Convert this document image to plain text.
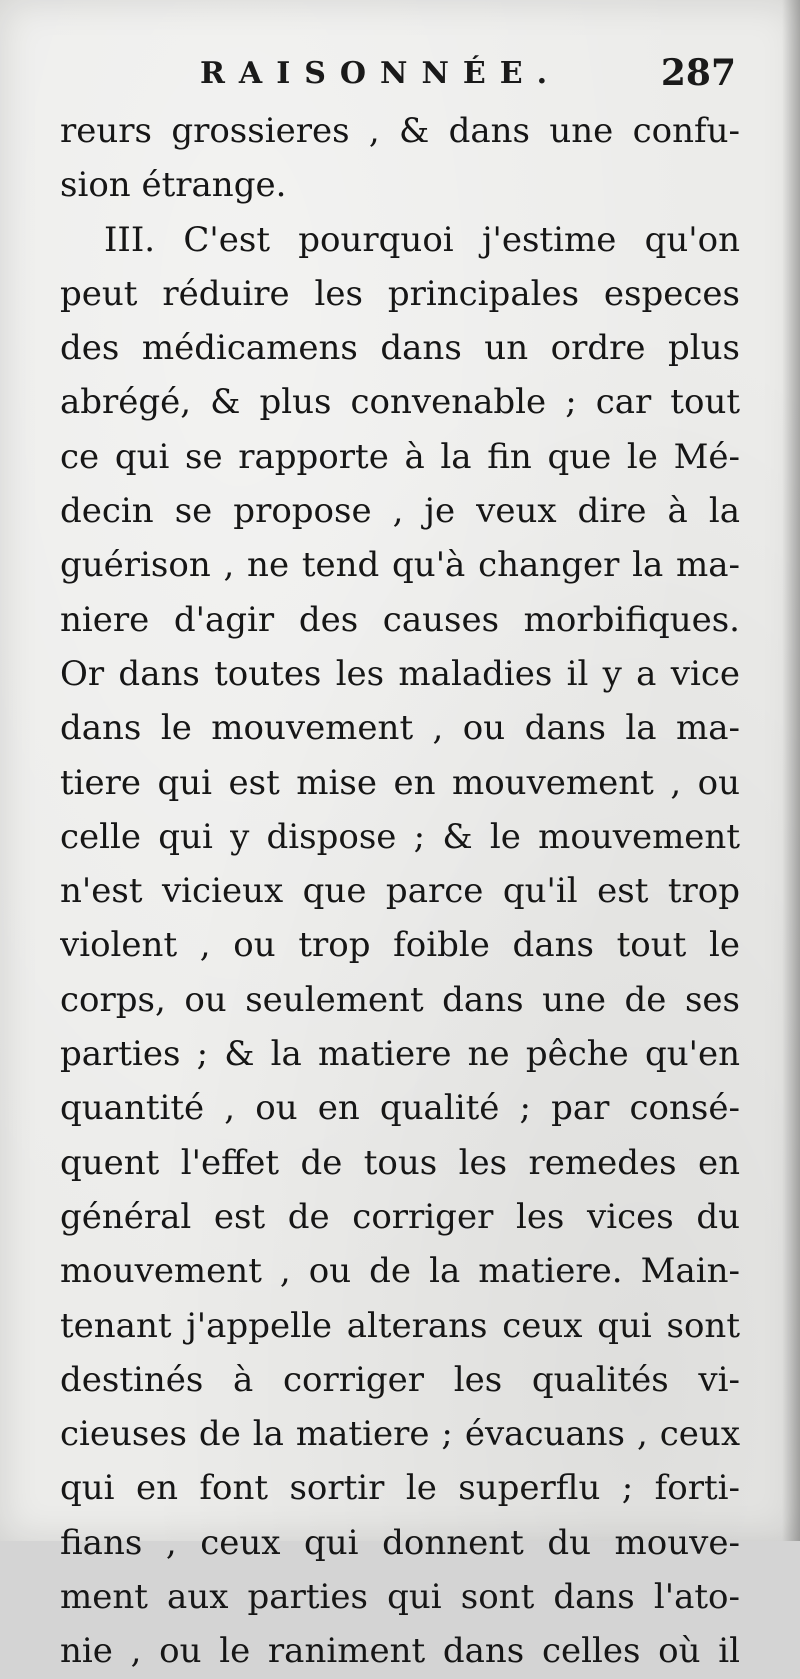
RAISONNÉE.	287
reurs grossieres , & dans une confu-
sion étrange.
III. C'est pourquoi j'estime qu'on
peut réduire les principales especes
des médicamens dans un ordre plus
abrégé, & plus convenable ; car tout
ce qui se rapporte à la fin que le Mé-
decin se propose , je veux dire à la
guérison , ne tend qu'à changer la ma-
niere d'agir des causes morbifiques.
Or dans toutes les maladies il y a vice
dans le mouvement , ou dans la ma-
tiere qui est mise en mouvement , ou
celle qui y dispose ; & le mouvement
n'est vicieux que parce qu'il est trop
violent , ou trop foible dans tout le
corps, ou seulement dans une de ses
parties ; & la matiere ne pêche qu'en
quantité , ou en qualité ; par consé-
quent l'effet de tous les remedes en
général est de corriger les vices du
mouvement , ou de la matiere. Main-
tenant j'appelle alterans ceux qui sont
destinés à corriger les qualités vi-
cieuses de la matiere ; évacuans , ceux
qui en font sortir le superflu ; forti-
fians , ceux qui donnent du mouve-
ment aux parties qui sont dans l'ato-
nie , ou le raniment dans celles où il
